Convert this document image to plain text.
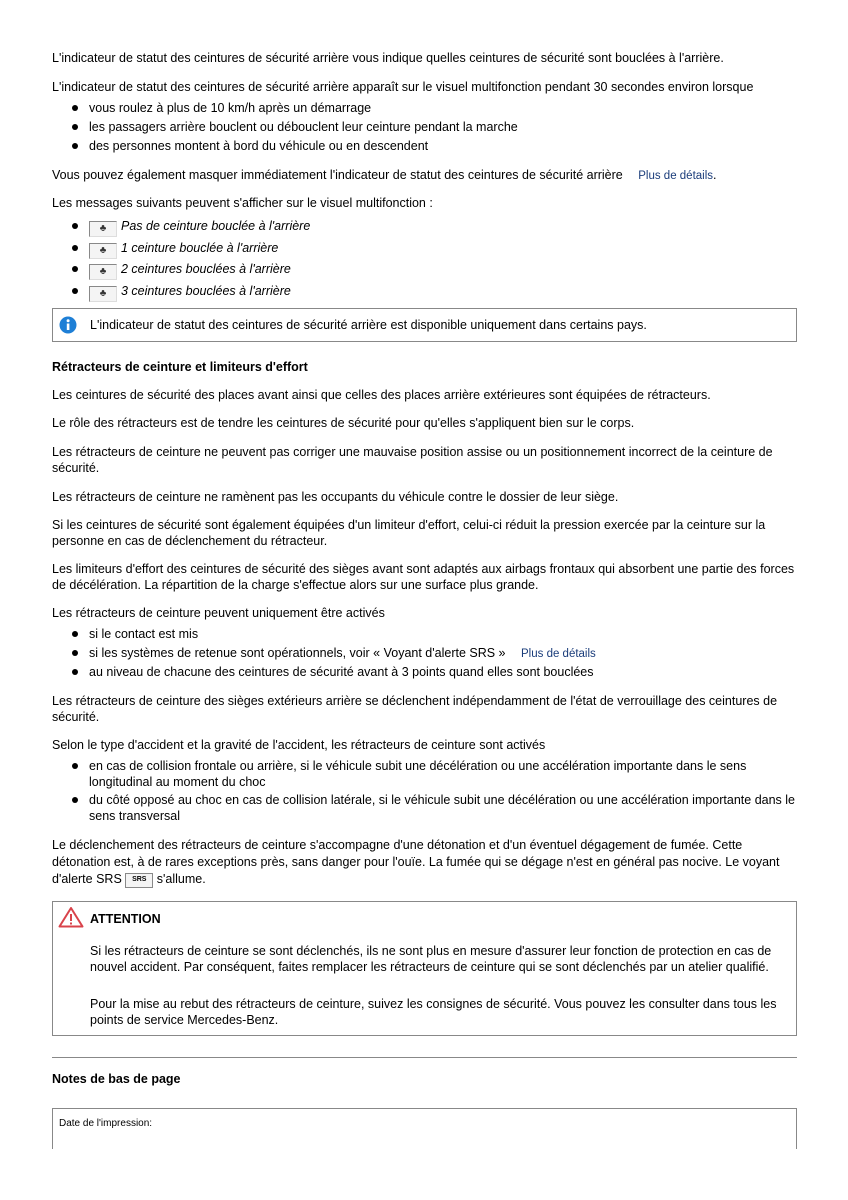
L'indicateur de statut des ceintures de sécurité arrière vous indique quelles ceintures de sécurité sont bouclées à l'arrière.
L'indicateur de statut des ceintures de sécurité arrière apparaît sur le visuel multifonction pendant 30 secondes environ lorsque
vous roulez à plus de 10 km/h après un démarrage
les passagers arrière bouclent ou débouclent leur ceinture pendant la marche
des personnes montent à bord du véhicule ou en descendent
Vous pouvez également masquer immédiatement l'indicateur de statut des ceintures de sécurité arrière Plus de détails.
Les messages suivants peuvent s'afficher sur le visuel multifonction :
♣ Pas de ceinture bouclée à l'arrière
♣ 1 ceinture bouclée à l'arrière
♣ 2 ceintures bouclées à l'arrière
♣ 3 ceintures bouclées à l'arrière
L'indicateur de statut des ceintures de sécurité arrière est disponible uniquement dans certains pays.
Rétracteurs de ceinture et limiteurs d'effort
Les ceintures de sécurité des places avant ainsi que celles des places arrière extérieures sont équipées de rétracteurs.
Le rôle des rétracteurs est de tendre les ceintures de sécurité pour qu'elles s'appliquent bien sur le corps.
Les rétracteurs de ceinture ne peuvent pas corriger une mauvaise position assise ou un positionnement incorrect de la ceinture de sécurité.
Les rétracteurs de ceinture ne ramènent pas les occupants du véhicule contre le dossier de leur siège.
Si les ceintures de sécurité sont également équipées d'un limiteur d'effort, celui-ci réduit la pression exercée par la ceinture sur la personne en cas de déclenchement du rétracteur.
Les limiteurs d'effort des ceintures de sécurité des sièges avant sont adaptés aux airbags frontaux qui absorbent une partie des forces de décélération. La répartition de la charge s'effectue alors sur une surface plus grande.
Les rétracteurs de ceinture peuvent uniquement être activés
si le contact est mis
si les systèmes de retenue sont opérationnels, voir « Voyant d'alerte SRS » Plus de détails
au niveau de chacune des ceintures de sécurité avant à 3 points quand elles sont bouclées
Les rétracteurs de ceinture des sièges extérieurs arrière se déclenchent indépendamment de l'état de verrouillage des ceintures de sécurité.
Selon le type d'accident et la gravité de l'accident, les rétracteurs de ceinture sont activés
en cas de collision frontale ou arrière, si le véhicule subit une décélération ou une accélération importante dans le sens longitudinal au moment du choc
du côté opposé au choc en cas de collision latérale, si le véhicule subit une décélération ou une accélération importante dans le sens transversal
Le déclenchement des rétracteurs de ceinture s'accompagne d'une détonation et d'un éventuel dégagement de fumée. Cette détonation est, à de rares exceptions près, sans danger pour l'ouïe. La fumée qui se dégage n'est en général pas nocive. Le voyant d'alerte SRS SRS s'allume.
ATTENTION
Si les rétracteurs de ceinture se sont déclenchés, ils ne sont plus en mesure d'assurer leur fonction de protection en cas de nouvel accident. Par conséquent, faites remplacer les rétracteurs de ceinture qui se sont déclenchés par un atelier qualifié.
Pour la mise au rebut des rétracteurs de ceinture, suivez les consignes de sécurité. Vous pouvez les consulter dans tous les points de service Mercedes-Benz.
Notes de bas de page
Date de l'impression:
